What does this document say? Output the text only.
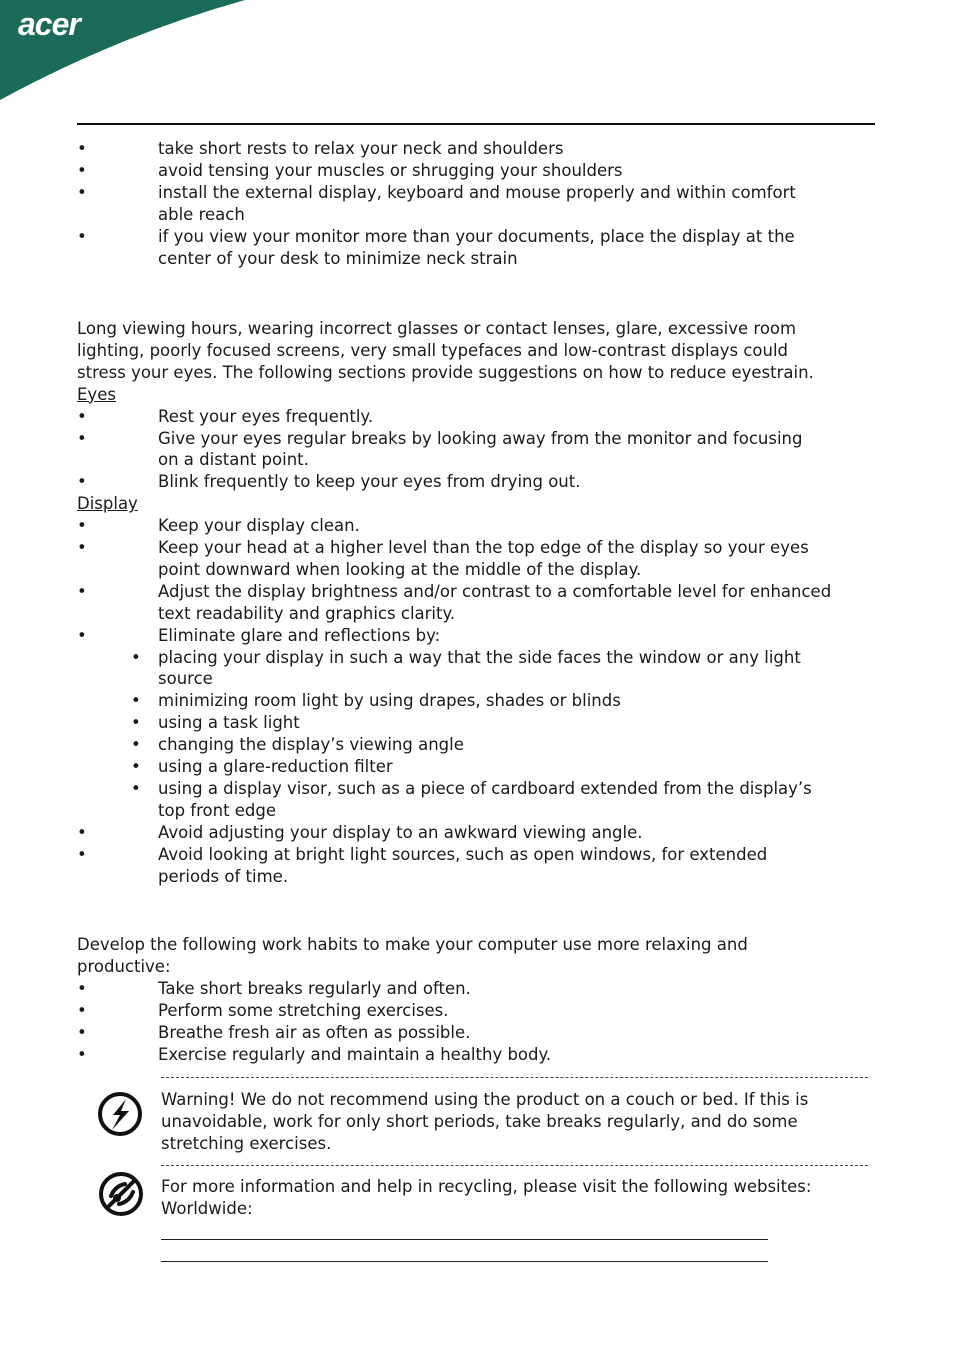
acer
•	take short rests to relax your neck and shoulders
•	avoid tensing your muscles or shrugging your shoulders
•	install the external display, keyboard and mouse properly and within comfort
able reach
•	if you view your monitor more than your documents, place the display at the
center of your desk to minimize neck strain
Long viewing hours, wearing incorrect glasses or contact lenses, glare, excessive room
lighting, poorly focused screens, very small typefaces and low-contrast displays could
stress your eyes. The following sections provide suggestions on how to reduce eyestrain.
Eyes
•	Rest your eyes frequently.
•	Give your eyes regular breaks by looking away from the monitor and focusing
on a distant point.
•	Blink frequently to keep your eyes from drying out.
Display
•	Keep your display clean.
•	Keep your head at a higher level than the top edge of the display so your eyes
point downward when looking at the middle of the display.
•	Adjust the display brightness and/or contrast to a comfortable level for enhanced
text readability and graphics clarity.
•	Eliminate glare and reflections by:
• placing your display in such a way that the side faces the window or any light
source
• minimizing room light by using drapes, shades or blinds
• using a task light
• changing the display’s viewing angle
• using a glare-reduction filter
• using a display visor, such as a piece of cardboard extended from the display’s
top front edge
•	Avoid adjusting your display to an awkward viewing angle.
•	Avoid looking at bright light sources, such as open windows, for extended
periods of time.
Develop the following work habits to make your computer use more relaxing and
productive:
•	Take short breaks regularly and often.
•	Perform some stretching exercises.
•	Breathe fresh air as often as possible.
•	Exercise regularly and maintain a healthy body.
Warning! We do not recommend using the product on a couch or bed. If this is
unavoidable, work for only short periods, take breaks regularly, and do some
stretching exercises.
For more information and help in recycling, please visit the following websites:
Worldwide:
